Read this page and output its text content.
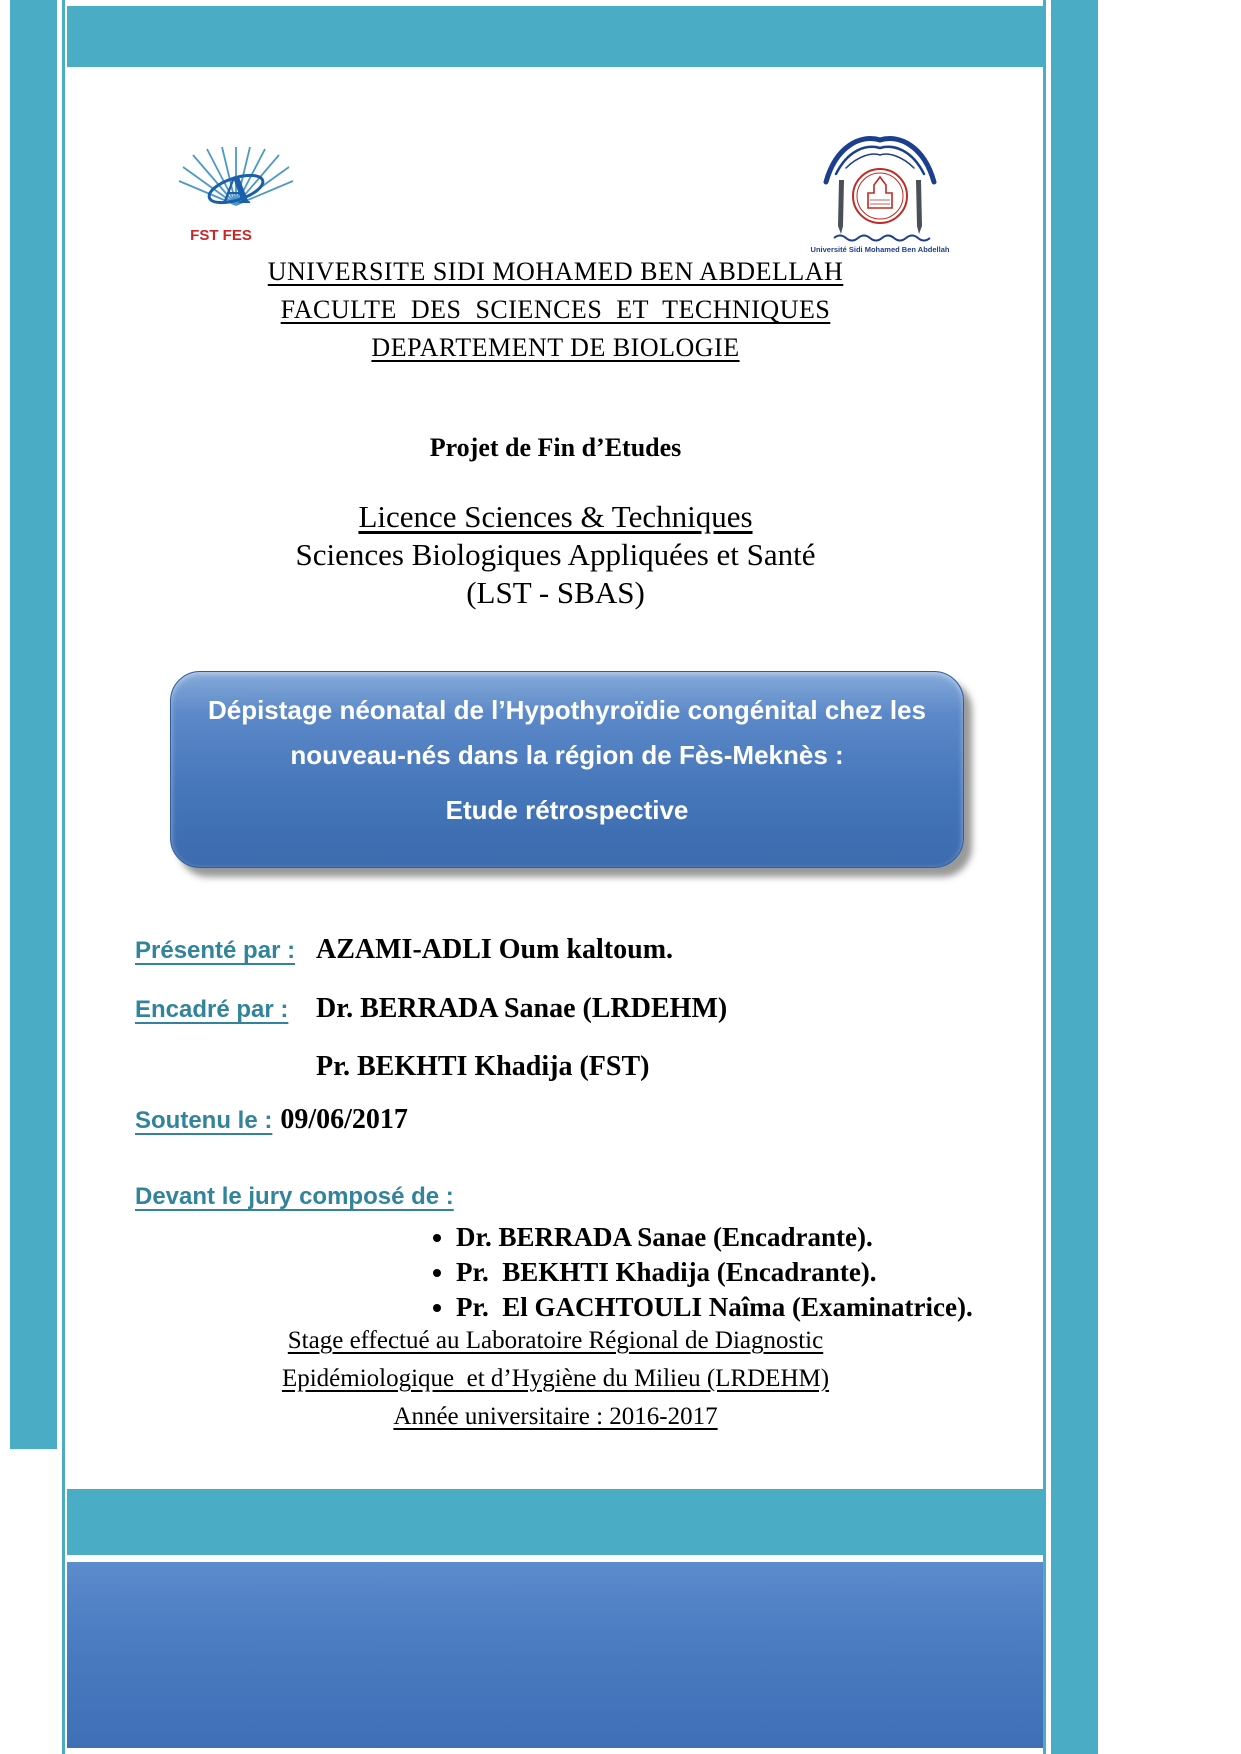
A
FST FES
Université Sidi Mohamed Ben Abdellah
UNIVERSITE SIDI MOHAMED BEN ABDELLAH
FACULTE  DES  SCIENCES  ET  TECHNIQUES
DEPARTEMENT DE BIOLOGIE
Projet de Fin d’Etudes
Licence Sciences & Techniques
Sciences Biologiques Appliquées et Santé
(LST - SBAS)
Dépistage néonatal de l’Hypothyroïdie congénital chez les
nouveau-nés dans la région de Fès-Meknès :
Etude rétrospective
Présenté par : AZAMI-ADLI Oum kaltoum.
Encadré par : Dr. BERRADA Sanae (LRDEHM)
Pr. BEKHTI Khadija (FST)
Soutenu le : 09/06/2017
Devant le jury composé de :
• Dr. BERRADA Sanae (Encadrante).
• Pr.  BEKHTI Khadija (Encadrante).
• Pr.  El GACHTOULI Naîma (Examinatrice).
Stage effectué au Laboratoire Régional de Diagnostic
Epidémiologique  et d’Hygiène du Milieu (LRDEHM)
Année universitaire : 2016-2017
